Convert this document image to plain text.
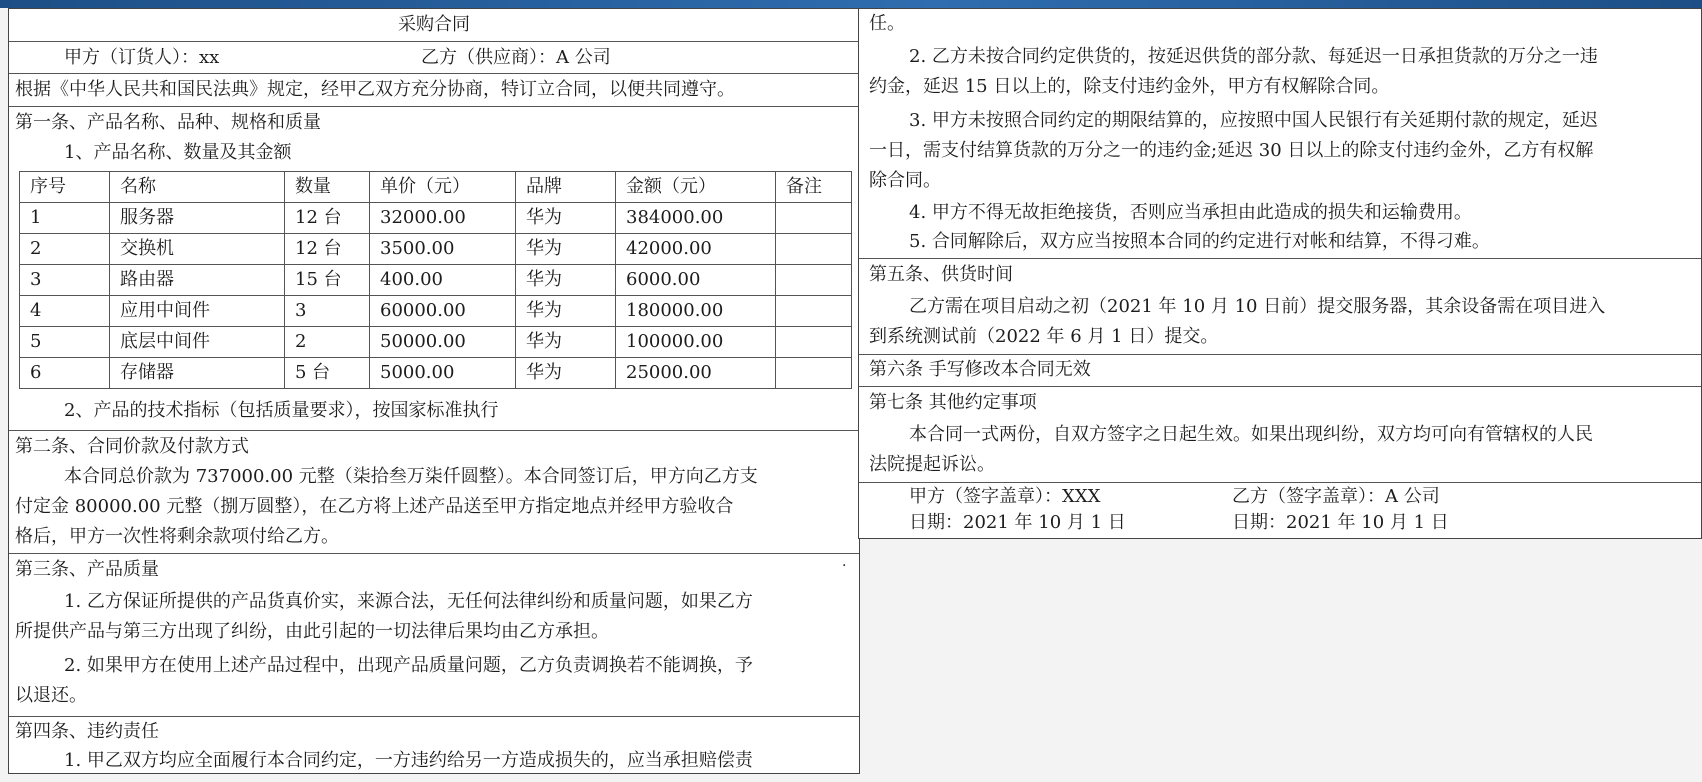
采购合同
甲方（订货人）：xx	乙方（供应商）：A 公司
根据《中华人民共和国民法典》规定，经甲乙双方充分协商，特订立合同，以便共同遵守。
第一条、产品名称、品种、规格和质量
1、产品名称、数量及其金额
2、产品的技术指标（包括质量要求），按国家标准执行
序号	名称	数量	单价（元）	品牌	金额（元）	备注
1	服务器	12 台	32000.00	华为	384000.00	
2	交换机	12 台	3500.00	华为	42000.00	
3	路由器	15 台	400.00	华为	6000.00	
4	应用中间件	3	60000.00	华为	180000.00	
5	底层中间件	2	50000.00	华为	100000.00	
6	存储器	5 台	5000.00	华为	25000.00	
第二条、合同价款及付款方式
本合同总价款为 737000.00 元整（柒拾叁万柒仟圆整）。本合同签订后，甲方向乙方支
付定金 80000.00 元整（捌万圆整），在乙方将上述产品送至甲方指定地点并经甲方验收合
格后，甲方一次性将剩余款项付给乙方。
第三条、产品质量	·
1. 乙方保证所提供的产品货真价实，来源合法，无任何法律纠纷和质量问题，如果乙方
所提供产品与第三方出现了纠纷，由此引起的一切法律后果均由乙方承担。
2. 如果甲方在使用上述产品过程中，出现产品质量问题，乙方负责调换若不能调换，予
以退还。
第四条、违约责任
1. 甲乙双方均应全面履行本合同约定，一方违约给另一方造成损失的，应当承担赔偿责
任。
2. 乙方未按合同约定供货的，按延迟供货的部分款、每延迟一日承担货款的万分之一违
约金，延迟 15 日以上的，除支付违约金外，甲方有权解除合同。
3. 甲方未按照合同约定的期限结算的，应按照中国人民银行有关延期付款的规定，延迟
一日，需支付结算货款的万分之一的违约金;延迟 30 日以上的除支付违约金外，乙方有权解
除合同。
4. 甲方不得无故拒绝接货，否则应当承担由此造成的损失和运输费用。
5. 合同解除后，双方应当按照本合同的约定进行对帐和结算，不得刁难。
第五条、供货时间
乙方需在项目启动之初（2021 年 10 月 10 日前）提交服务器，其余设备需在项目进入
到系统测试前（2022 年 6 月 1 日）提交。
第六条 手写修改本合同无效
第七条 其他约定事项
本合同一式两份，自双方签字之日起生效。如果出现纠纷，双方均可向有管辖权的人民
法院提起诉讼。
甲方（签字盖章）：XXX	乙方（签字盖章）：A 公司
日期：2021 年 10 月 1 日	日期：2021 年 10 月 1 日
